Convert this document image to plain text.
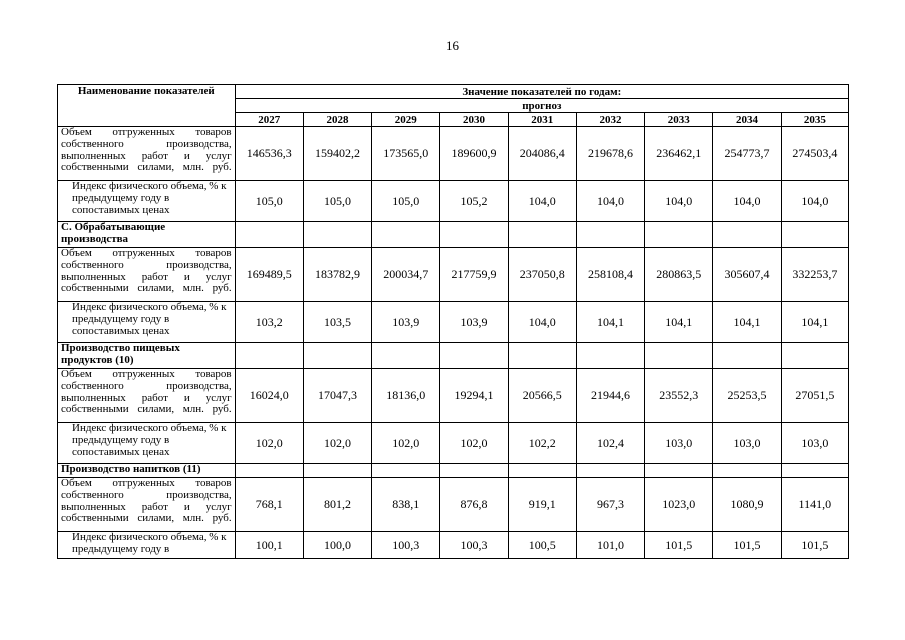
16
Наименование показателей	Значение показателей по годам:								
	прогноз								
	2027	2028	2029	2030	2031	2032	2033	2034	2035
Объем отгруженных товаров собственного производства, выполненных работ и услуг собственными силами, млн. руб.	146536,3	159402,2	173565,0	189600,9	204086,4	219678,6	236462,1	254773,7	274503,4
Индекс физического объема, % к предыдущему году в сопоставимых ценах	105,0	105,0	105,0	105,2	104,0	104,0	104,0	104,0	104,0
С. Обрабатывающие производства									
Объем отгруженных товаров собственного производства, выполненных работ и услуг собственными силами, млн. руб.	169489,5	183782,9	200034,7	217759,9	237050,8	258108,4	280863,5	305607,4	332253,7
Индекс физического объема, % к предыдущему году в сопоставимых ценах	103,2	103,5	103,9	103,9	104,0	104,1	104,1	104,1	104,1
Производство пищевых продуктов (10)									
Объем отгруженных товаров собственного производства, выполненных работ и услуг собственными силами, млн. руб.	16024,0	17047,3	18136,0	19294,1	20566,5	21944,6	23552,3	25253,5	27051,5
Индекс физического объема, % к предыдущему году в сопоставимых ценах	102,0	102,0	102,0	102,0	102,2	102,4	103,0	103,0	103,0
Производство напитков (11)									
Объем отгруженных товаров собственного производства, выполненных работ и услуг собственными силами, млн. руб.	768,1	801,2	838,1	876,8	919,1	967,3	1023,0	1080,9	1141,0
Индекс физического объема, % к предыдущему году в	100,1	100,0	100,3	100,3	100,5	101,0	101,5	101,5	101,5
